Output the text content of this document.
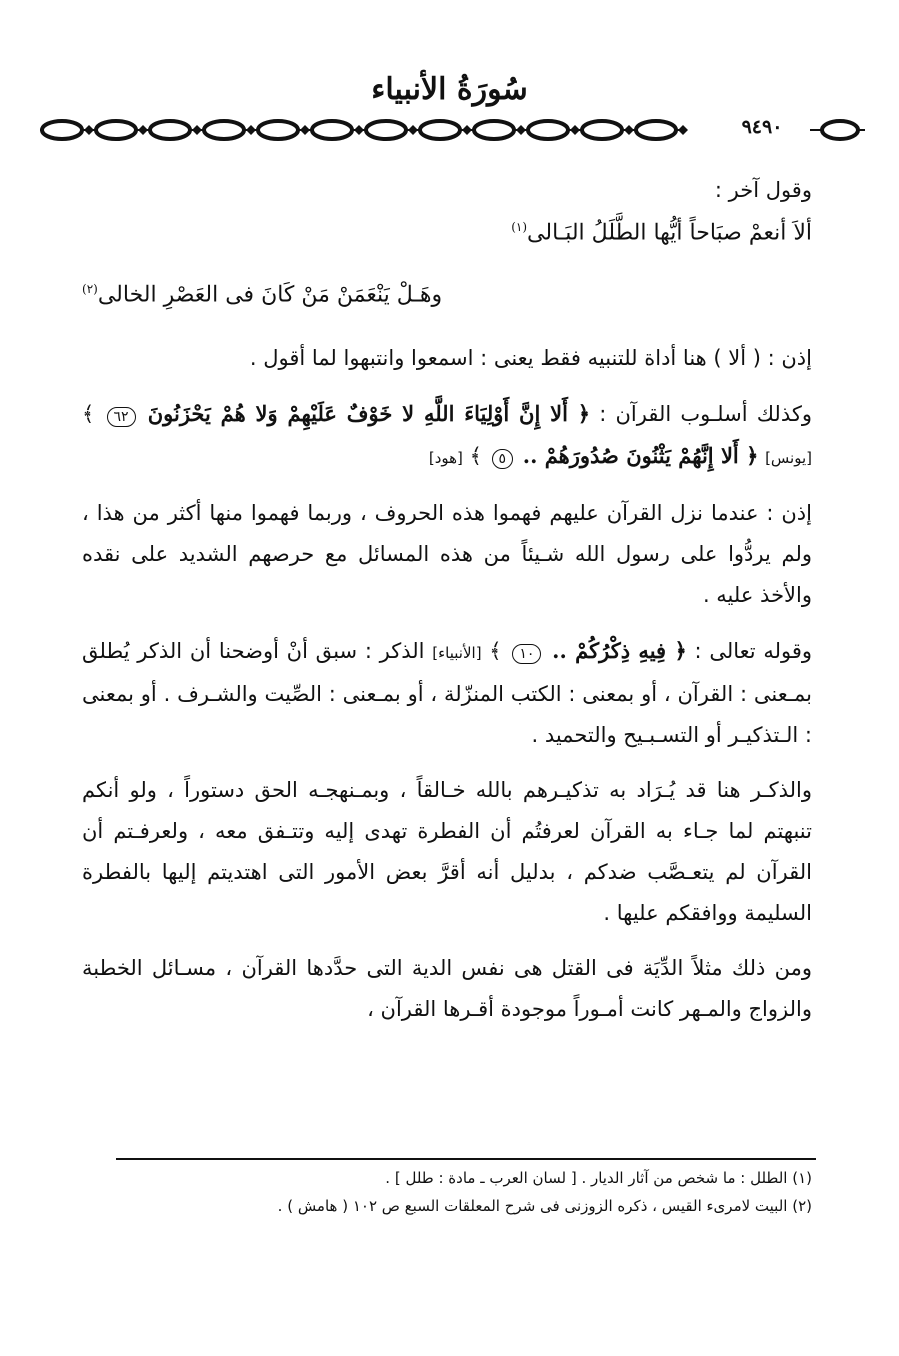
سُورَةُ الأنبياء
٩٤٩٠

وقول آخر :

ألاَ أنعمْ صبَاحاً أيُّها الطَّلَلُ البَـالى$^{(١)}$
وهَـلْ يَنْعَمَنْ مَنْ كَانَ فى العَصْرِ الخالى$^{(٢)}$

إذن : ( ألا ) هنا أداة للتنبيه فقط يعنى : اسمعوا وانتبهوا لما أقول .

وكذلك أسلـوب القرآن : ﴿ أَلا إِنَّ أَوْلِيَاءَ اللَّهِ لا خَوْفٌ عَلَيْهِمْ وَلا هُمْ يَحْزَنُونَ ٦٢ ﴾ [يونس] ﴿ أَلا إِنَّهُمْ يَثْنُونَ صُدُورَهُمْ .. ٥ ﴾ [هود]

إذن : عندما نزل القرآن عليهم فهموا هذه الحروف ، وربما فهموا منها أكثر من هذا ، ولم يردُّوا على رسول الله شـيئاً من هذه المسائل مع حرصهم الشديد على نقده والأخذ عليه .

وقوله تعالى : ﴿ فِيهِ ذِكْرُكُمْ .. ١٠ ﴾ [الأنبياء] الذكر : سبق أنْ أوضحنا أن الذكر يُطلق بمـعنى : القرآن ، أو بمعنى : الكتب المنزّلة ، أو بمـعنى : الصِّيت والشـرف . أو بمعنى : الـتذكيـر أو التسـبـيح والتحميد .

والذكـر هنا قد يُـرَاد به تذكيـرهم بالله خـالقاً ، وبمـنهجـه الحق دستوراً ، ولو أنكم تنبهتم لما جـاء به القرآن لعرفتُم أن الفطرة تهدى إليه وتتـفق معه ، ولعرفـتم أن القرآن لم يتعـصَّب ضدكم ، بدليل أنه أقرَّ بعض الأمور التى اهتديتم إليها بالفطرة السليمة ووافقكم عليها .

ومن ذلك مثلاً الدِّيَة فى القتل هى نفس الدية التى حدَّدها القرآن ، مسـائل الخطبة والزواج والمـهر كانت أمـوراً موجودة أقـرها القرآن ،

(١) الطلل : ما شخص من آثار الديار . [ لسان العرب ـ مادة : طلل ] .
(٢) البيت لامرىء القيس ، ذكره الزوزنى فى شرح المعلقات السبع ص ١٠٢ ( هامش ) .
